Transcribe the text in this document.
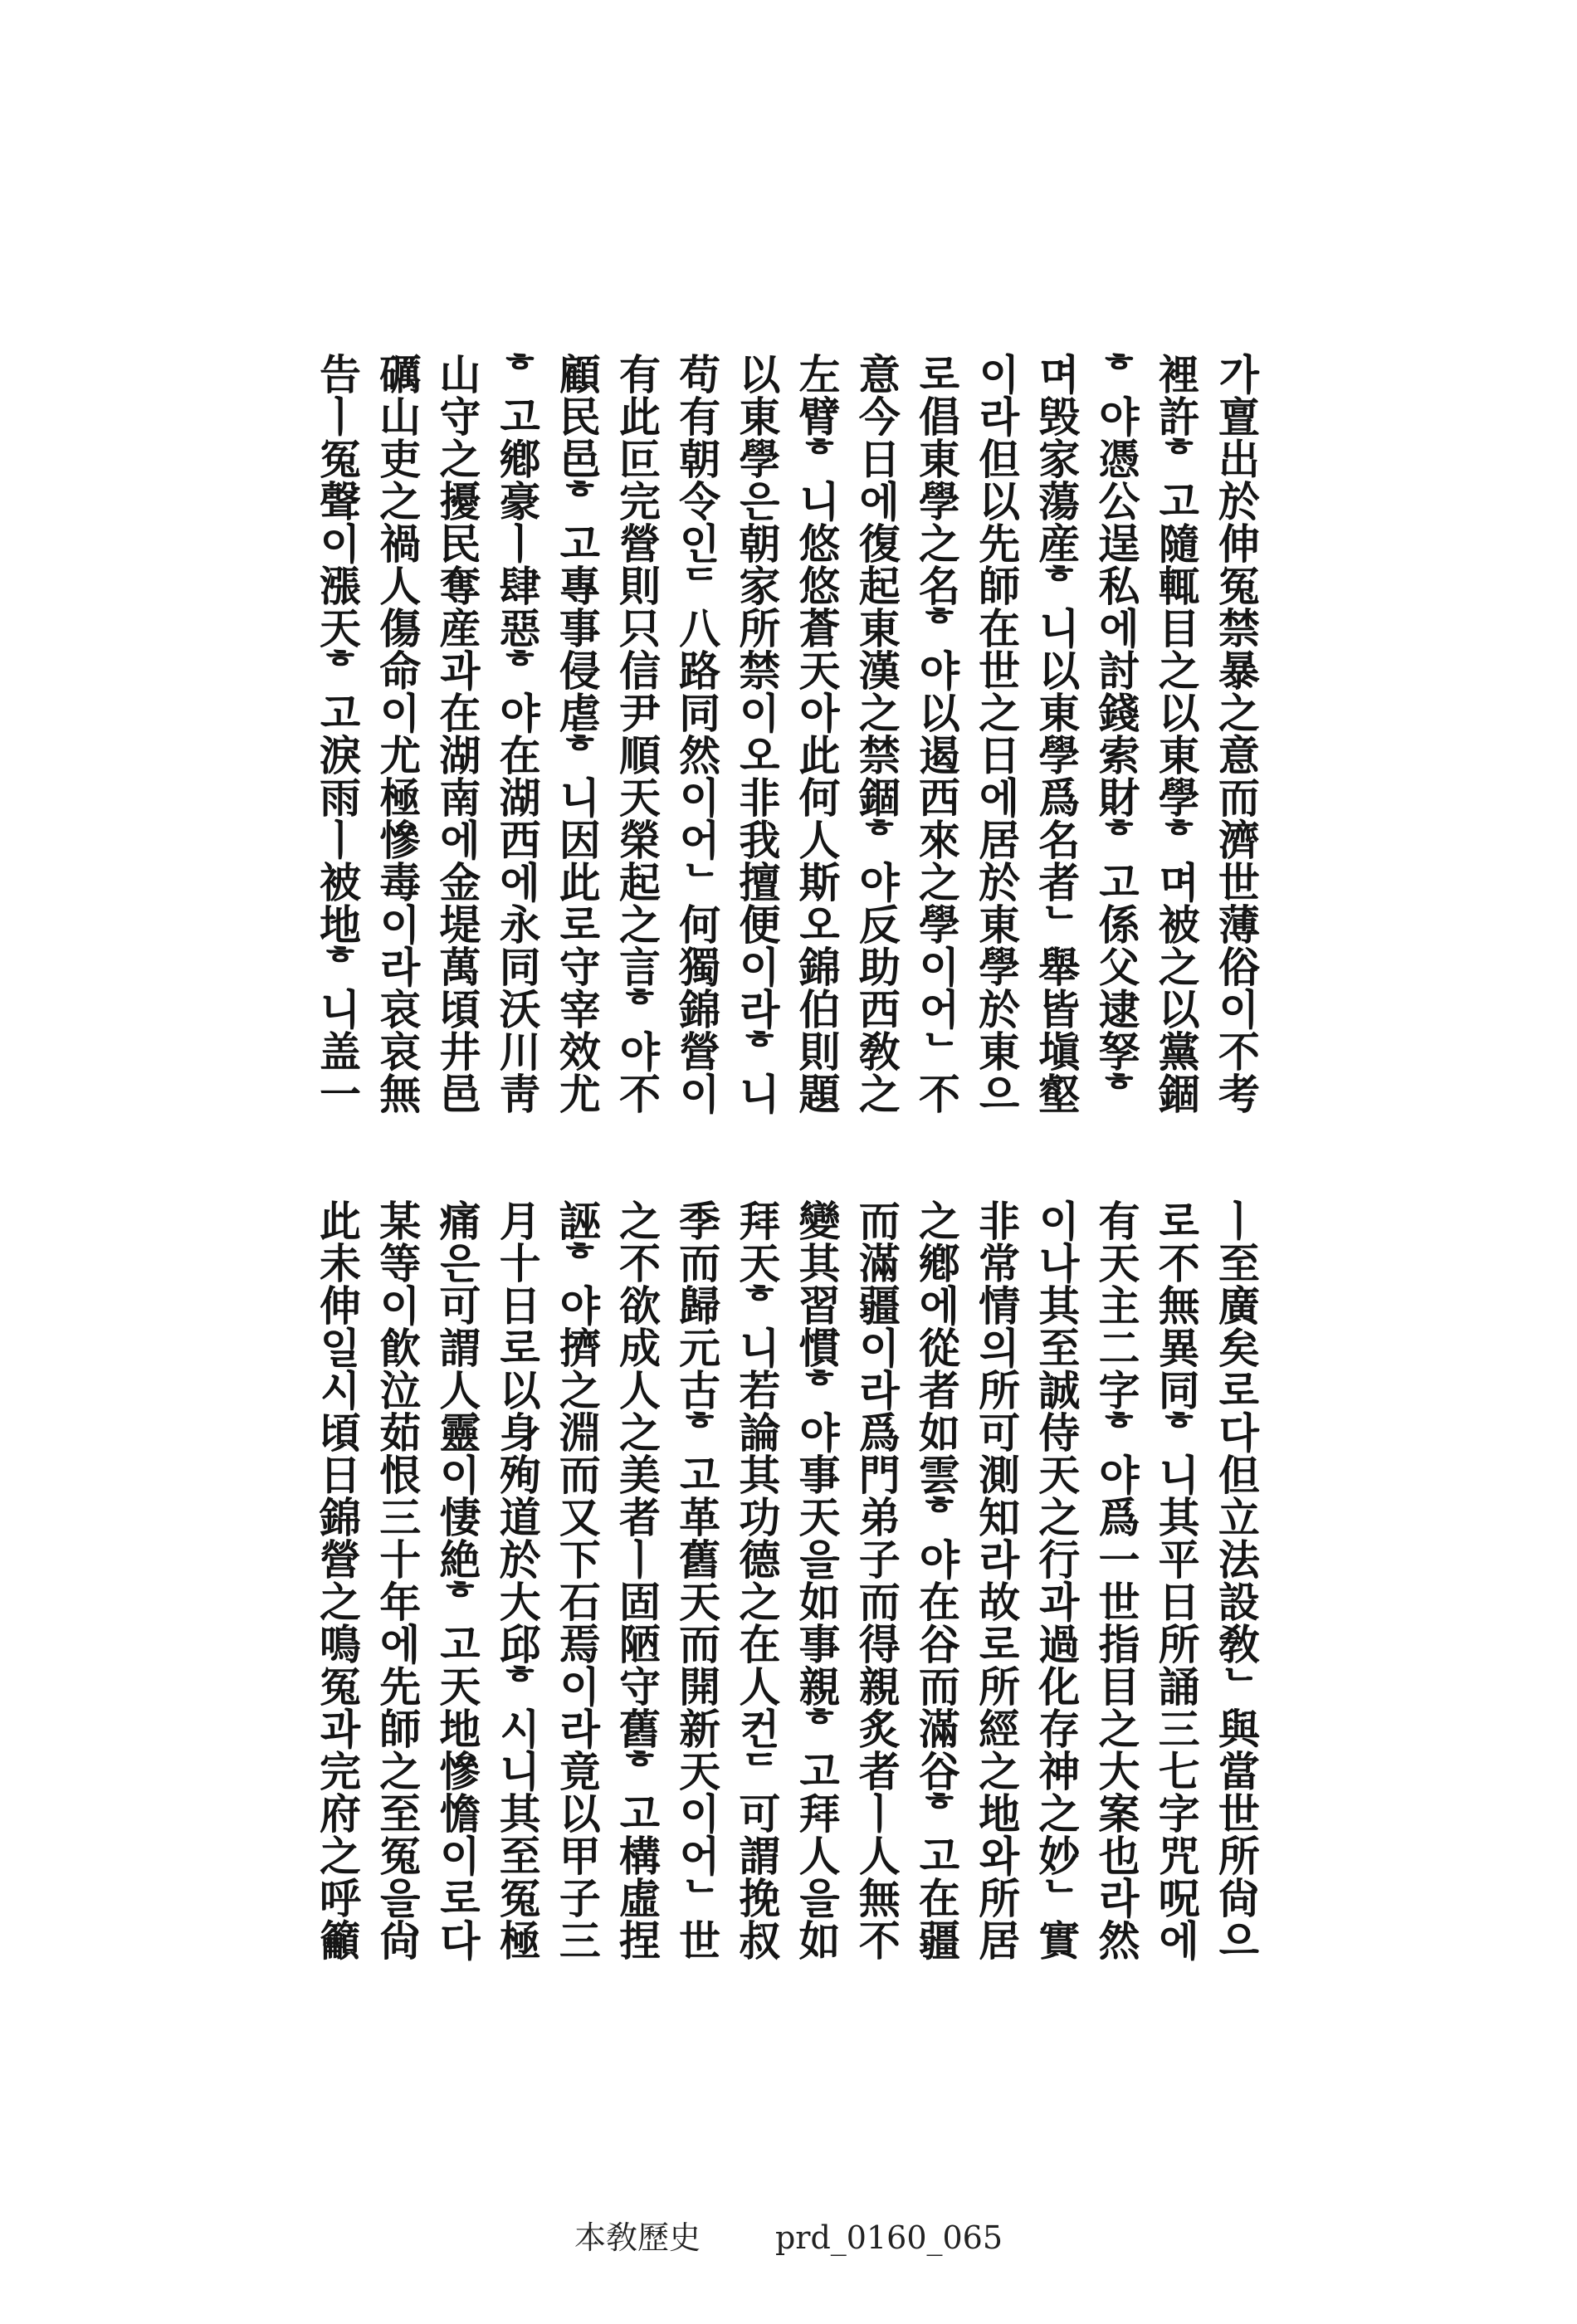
가亶出於伸冤禁暴之意而濟世薄俗이不考
裡許ᄒ고隨輒目之以東學ᄒ며被之以黨錮
ᄒ야憑公逞私에討錢索財ᄒ고係父逮孥ᄒ
며毁家蕩産ᄒ니以東學爲名者ᄂ舉皆塡壑
이라但以先師在世之日에居於東學於東으
로倡東學之名ᄒ야以遏西來之學이어ᄂ不
意今日에復起東漢之禁錮ᄒ야反助西敎之
左臂ᄒ니悠悠蒼天아此何人斯오錦伯則題
以東學은朝家所禁이오非我擅便이라ᄒ니
苟有朝令인ᄃ八路同然이어ᄂ何獨錦營이
有此叵完營則只信尹順天榮起之言ᄒ야不
顧民邑ᄒ고專事侵虐ᄒ니因此로守宰效尤
ᄒ고鄕豪ㅣ肆惡ᄒ야在湖西에永同沃川靑
山守之擾民奪産과在湖南에金堤萬頃井邑
礪山吏之禍人傷命이尤極慘毒이라哀哀無
告ㅣ冤聲이漲天ᄒ고淚雨ㅣ被地ᄒ니盖一
ㅣ至廣矣로다但立法設敎ᄂ與當世所尙으
로不無異同ᄒ니其平日所誦三七字咒呪에
有天主二字ᄒ야爲一世指目之大案也라然
이나其至誠侍天之行과過化存神之妙ᄂ實
非常情의所可測知라故로所經之地와所居
之鄕에從者如雲ᄒ야在谷而滿谷ᄒ고在疆
而滿疆이라爲門弟子而得親炙者ㅣ人無不
變其習慣ᄒ야事天을如事親ᄒ고拜人을如
拜天ᄒ니若論其功德之在人컨ᄃ可謂挽叔
季而歸元古ᄒ고革舊天而開新天이어ᄂ世
之不欲成人之美者ㅣ固陋守舊ᄒ고構虛捏
誣ᄒ야擠之淵而又下石焉이라竟以甲子三
月十日로以身殉道於大邱ᄒ시니其至冤極
痛은可謂人靈이悽絶ᄒ고天地慘憺이로다
某等이飮泣茹恨三十年에先師之至冤을尙
此未伸일시頃日錦營之鳴冤과完府之呼籲
本敎歷史 prd_0160_065
